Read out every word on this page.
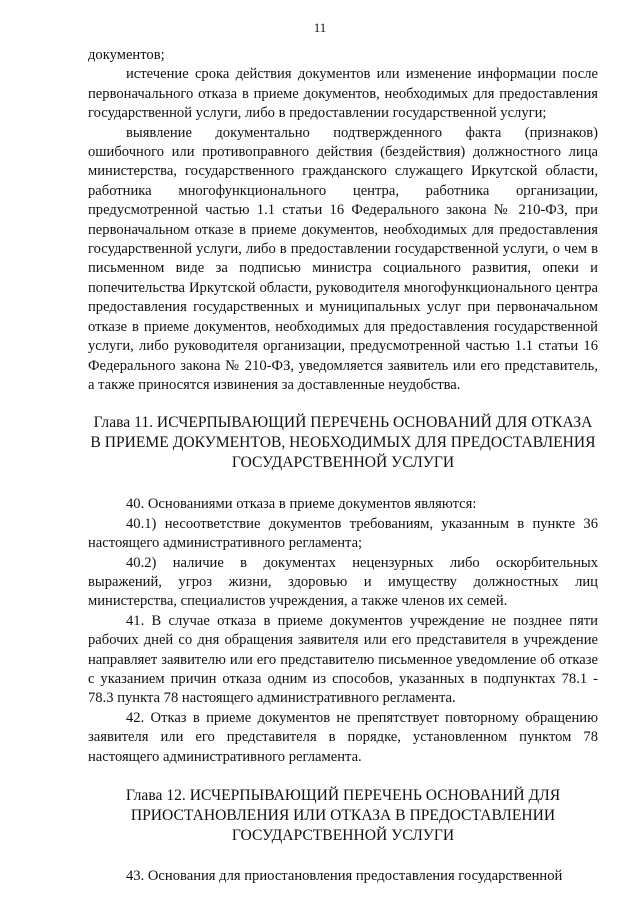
11

документов;

истечение срока действия документов или изменение информации после первоначального отказа в приеме документов, необходимых для предоставления государственной услуги, либо в предоставлении государственной услуги;

выявление документально подтвержденного факта (признаков) ошибочного или противоправного действия (бездействия) должностного лица министерства, государственного гражданского служащего Иркутской области, работника многофункционального центра, работника организации, предусмотренной частью 1.1 статьи 16 Федерального закона № 210-ФЗ, при первоначальном отказе в приеме документов, необходимых для предоставления государственной услуги, либо в предоставлении государственной услуги, о чем в письменном виде за подписью министра социального развития, опеки и попечительства Иркутской области, руководителя многофункционального центра предоставления государственных и муниципальных услуг при первоначальном отказе в приеме документов, необходимых для предоставления государственной услуги, либо руководителя организации, предусмотренной частью 1.1 статьи 16 Федерального закона № 210-ФЗ, уведомляется заявитель или его представитель, а также приносятся извинения за доставленные неудобства.

Глава 11. ИСЧЕРПЫВАЮЩИЙ ПЕРЕЧЕНЬ ОСНОВАНИЙ ДЛЯ ОТКАЗА В ПРИЕМЕ ДОКУМЕНТОВ, НЕОБХОДИМЫХ ДЛЯ ПРЕДОСТАВЛЕНИЯ ГОСУДАРСТВЕННОЙ УСЛУГИ

40. Основаниями отказа в приеме документов являются:

40.1) несоответствие документов требованиям, указанным в пункте 36 настоящего административного регламента;

40.2) наличие в документах нецензурных либо оскорбительных выражений, угроз жизни, здоровью и имуществу должностных лиц министерства, специалистов учреждения, а также членов их семей.

41. В случае отказа в приеме документов учреждение не позднее пяти рабочих дней со дня обращения заявителя или его представителя в учреждение направляет заявителю или его представителю письменное уведомление об отказе с указанием причин отказа одним из способов, указанных в подпунктах 78.1 - 78.3 пункта 78 настоящего административного регламента.

42. Отказ в приеме документов не препятствует повторному обращению заявителя или его представителя в порядке, установленном пунктом 78 настоящего административного регламента.

Глава 12. ИСЧЕРПЫВАЮЩИЙ ПЕРЕЧЕНЬ ОСНОВАНИЙ ДЛЯ ПРИОСТАНОВЛЕНИЯ ИЛИ ОТКАЗА В ПРЕДОСТАВЛЕНИИ ГОСУДАРСТВЕННОЙ УСЛУГИ

43. Основания для приостановления предоставления государственной
